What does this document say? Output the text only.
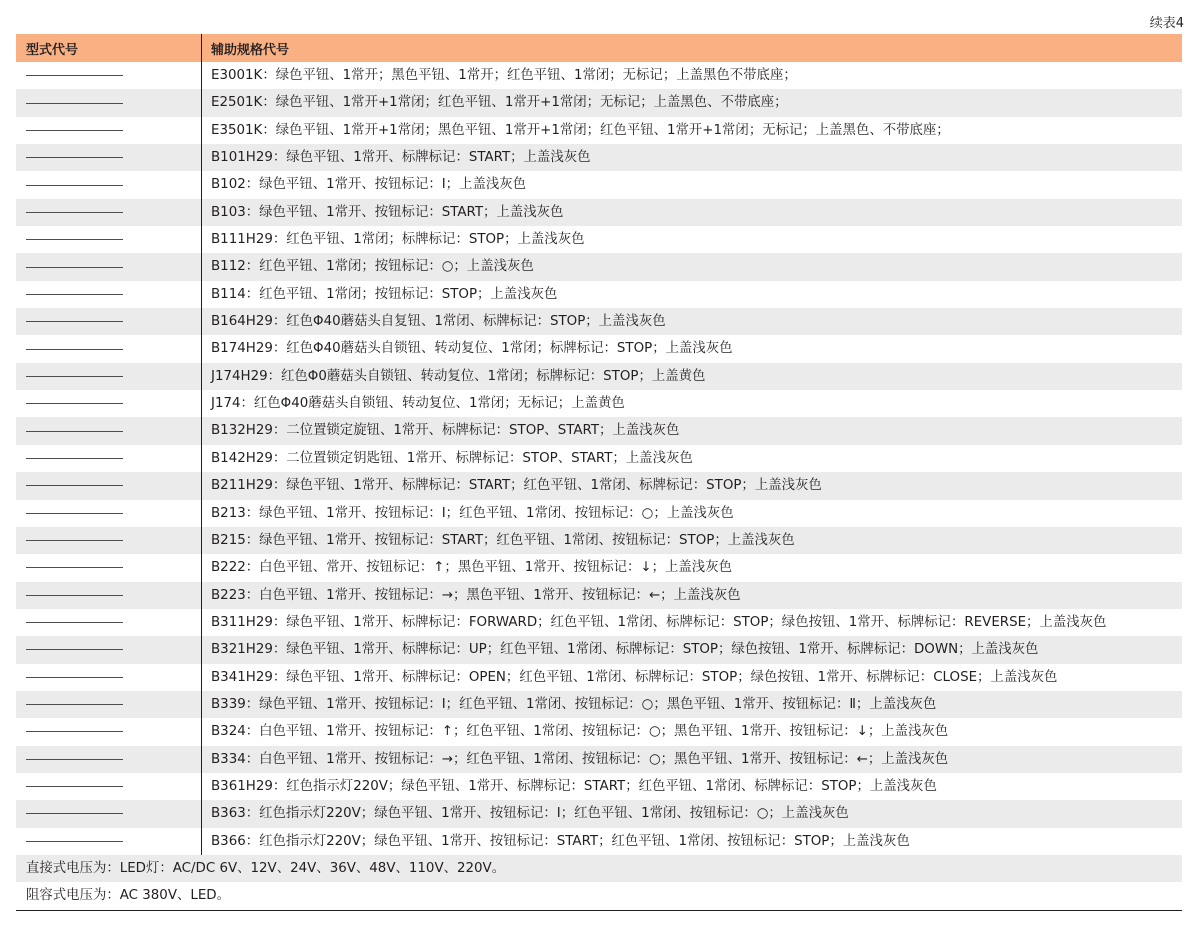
续表4
型式代号	辅助规格代号
E3001K：绿色平钮、1常开；黑色平钮、1常开；红色平钮、1常闭；无标记；上盖黑色不带底座；
E2501K：绿色平钮、1常开+1常闭；红色平钮、1常开+1常闭；无标记；上盖黑色、不带底座；
E3501K：绿色平钮、1常开+1常闭；黑色平钮、1常开+1常闭；红色平钮、1常开+1常闭；无标记；上盖黑色、不带底座；
B101H29：绿色平钮、1常开、标牌标记：START；上盖浅灰色
B102：绿色平钮、1常开、按钮标记：I；上盖浅灰色
B103：绿色平钮、1常开、按钮标记：START；上盖浅灰色
B111H29：红色平钮、1常闭；标牌标记：STOP；上盖浅灰色
B112：红色平钮、1常闭；按钮标记：○；上盖浅灰色
B114：红色平钮、1常闭；按钮标记：STOP；上盖浅灰色
B164H29：红色Φ40蘑菇头自复钮、1常闭、标牌标记：STOP；上盖浅灰色
B174H29：红色Φ40蘑菇头自锁钮、转动复位、1常闭；标牌标记：STOP；上盖浅灰色
J174H29：红色Φ0蘑菇头自锁钮、转动复位、1常闭；标牌标记：STOP；上盖黄色
J174：红色Φ40蘑菇头自锁钮、转动复位、1常闭；无标记；上盖黄色
B132H29：二位置锁定旋钮、1常开、标牌标记：STOP、START；上盖浅灰色
B142H29：二位置锁定钥匙钮、1常开、标牌标记：STOP、START；上盖浅灰色
B211H29：绿色平钮、1常开、标牌标记：START；红色平钮、1常闭、标牌标记：STOP；上盖浅灰色
B213：绿色平钮、1常开、按钮标记：I；红色平钮、1常闭、按钮标记：○；上盖浅灰色
B215：绿色平钮、1常开、按钮标记：START；红色平钮、1常闭、按钮标记：STOP；上盖浅灰色
B222：白色平钮、常开、按钮标记：↑；黑色平钮、1常开、按钮标记：↓；上盖浅灰色
B223：白色平钮、1常开、按钮标记：→；黑色平钮、1常开、按钮标记：←；上盖浅灰色
B311H29：绿色平钮、1常开、标牌标记：FORWARD；红色平钮、1常闭、标牌标记：STOP；绿色按钮、1常开、标牌标记：REVERSE；上盖浅灰色
B321H29：绿色平钮、1常开、标牌标记：UP；红色平钮、1常闭、标牌标记：STOP；绿色按钮、1常开、标牌标记：DOWN；上盖浅灰色
B341H29：绿色平钮、1常开、标牌标记：OPEN；红色平钮、1常闭、标牌标记：STOP；绿色按钮、1常开、标牌标记：CLOSE；上盖浅灰色
B339：绿色平钮、1常开、按钮标记：I；红色平钮、1常闭、按钮标记：○；黑色平钮、1常开、按钮标记：Ⅱ；上盖浅灰色
B324：白色平钮、1常开、按钮标记：↑；红色平钮、1常闭、按钮标记：○；黑色平钮、1常开、按钮标记：↓；上盖浅灰色
B334：白色平钮、1常开、按钮标记：→；红色平钮、1常闭、按钮标记：○；黑色平钮、1常开、按钮标记：←；上盖浅灰色
B361H29：红色指示灯220V；绿色平钮、1常开、标牌标记：START；红色平钮、1常闭、标牌标记：STOP；上盖浅灰色
B363：红色指示灯220V；绿色平钮、1常开、按钮标记：I；红色平钮、1常闭、按钮标记：○；上盖浅灰色
B366：红色指示灯220V；绿色平钮、1常开、按钮标记：START；红色平钮、1常闭、按钮标记：STOP；上盖浅灰色
直接式电压为：LED灯：AC/DC 6V、12V、24V、36V、48V、110V、220V。
阻容式电压为：AC 380V、LED。
